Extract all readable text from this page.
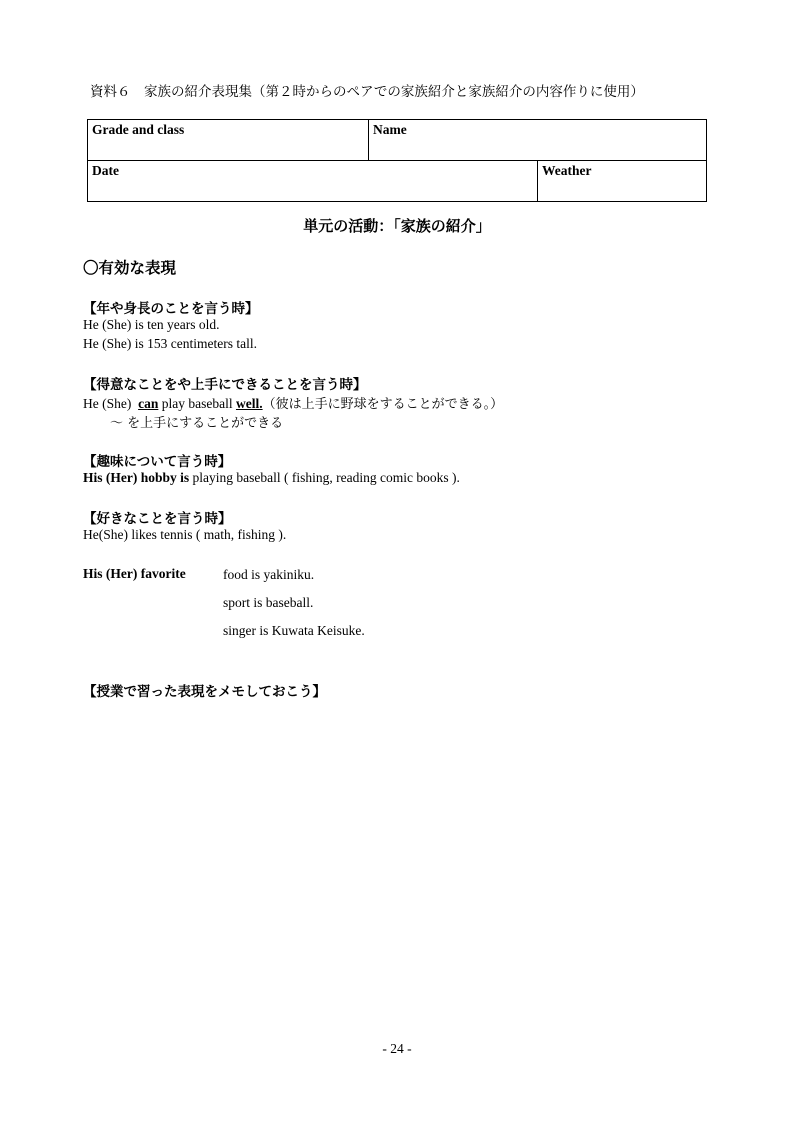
資料６　家族の紹介表現集（第２時からのペアでの家族紹介と家族紹介の内容作りに使用）
Grade and class	Name	
Date		Weather
単元の活動：「家族の紹介」
〇有効な表現
【年や身長のことを言う時】
He (She) is ten years old.
He (She) is 153 centimeters tall.
【得意なことをや上手にできることを言う時】
He (She)  can play baseball well.（彼は上手に野球をすることができる。）
～ を上手にすることができる
【趣味について言う時】
His (Her) hobby is playing baseball ( fishing, reading comic books ).
【好きなことを言う時】
He(She) likes tennis ( math, fishing ).
His (Her) favorite	food is yakiniku.
sport is baseball.
singer is Kuwata Keisuke.
【授業で習った表現をメモしておこう】
- 24 -
